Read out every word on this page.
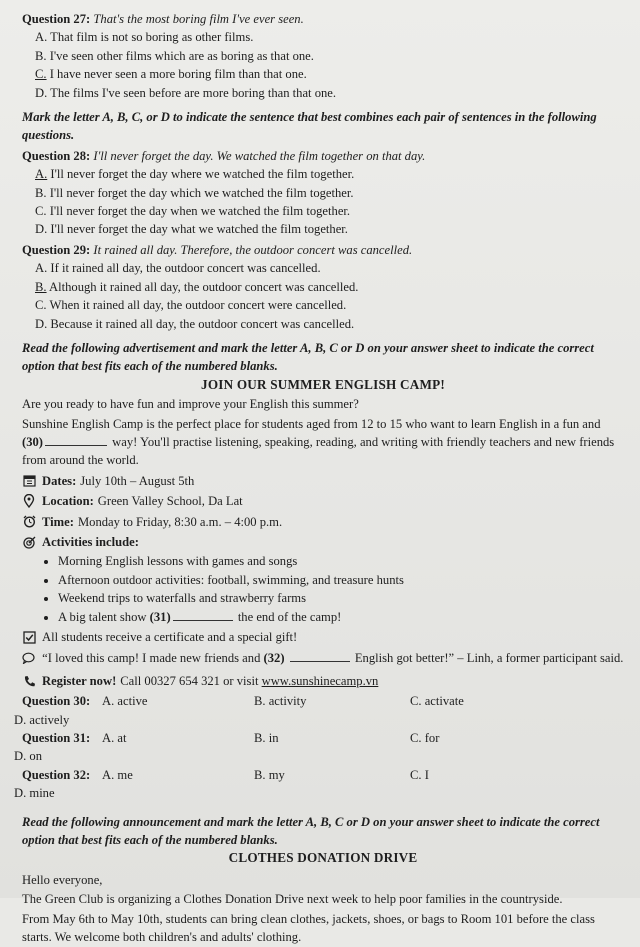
Question 27: That's the most boring film I've ever seen.
A. That film is not so boring as other films.
B. I've seen other films which are as boring as that one.
C. I have never seen a more boring film than that one.
D. The films I've seen before are more boring than that one.
Mark the letter A, B, C, or D to indicate the sentence that best combines each pair of sentences in the following questions.
Question 28: I'll never forget the day. We watched the film together on that day.
A. I'll never forget the day where we watched the film together.
B. I'll never forget the day which we watched the film together.
C. I'll never forget the day when we watched the film together.
D. I'll never forget the day what we watched the film together.
Question 29: It rained all day. Therefore, the outdoor concert was cancelled.
A. If it rained all day, the outdoor concert was cancelled.
B. Although it rained all day, the outdoor concert was cancelled.
C. When it rained all day, the outdoor concert were cancelled.
D. Because it rained all day, the outdoor concert was cancelled.
Read the following advertisement and mark the letter A, B, C or D on your answer sheet to indicate the correct option that best fits each of the numbered blanks.
JOIN OUR SUMMER ENGLISH CAMP!
Are you ready to have fun and improve your English this summer?
Sunshine English Camp is the perfect place for students aged from 12 to 15 who want to learn English in a fun and (30)	way! You'll practise listening, speaking, reading, and writing with friendly teachers and new friends from around the world.
Dates: July 10th – August 5th
Location: Green Valley School, Da Lat
Time: Monday to Friday, 8:30 a.m. – 4:00 p.m.
Activities include:
• Morning English lessons with games and songs
• Afternoon outdoor activities: football, swimming, and treasure hunts
• Weekend trips to waterfalls and strawberry farms
• A big talent show (31)	the end of the camp!
All students receive a certificate and a special gift!
“I loved this camp! I made new friends and (32)	English got better!” – Linh, a former participant said.
Register now! Call 00327 654 321 or visit
www.sunshinecamp.vn
Question 30: A. active	B. activity	C. activate
D. actively
Question 31: A. at	B. in	C. for
D. on
Question 32: A. me	B. my	C. I
D. mine
Read the following announcement and mark the letter A, B, C or D on your answer sheet to indicate the correct option that best fits each of the numbered blanks.
CLOTHES DONATION DRIVE
Hello everyone,
The Green Club is organizing a Clothes Donation Drive next week to help poor families in the countryside.
From May 6th to May 10th, students can bring clean clothes, jackets, shoes, or bags to Room 101 before the class starts. We welcome both children's and adults' clothing.
